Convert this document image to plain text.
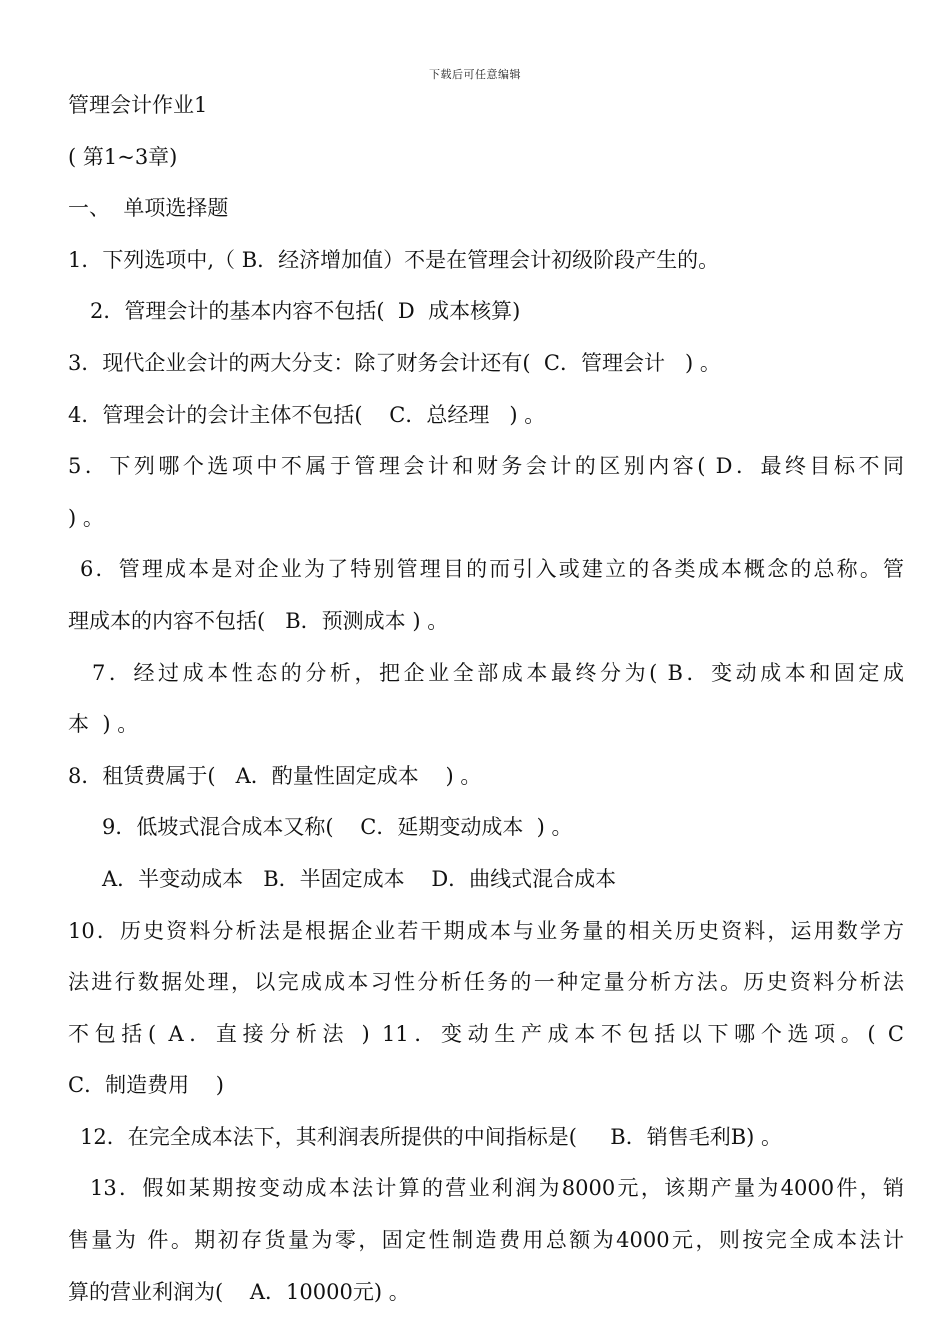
下载后可任意编辑
管理会计作业1
( 第1~3章)
一、  单项选择题
1．下列选项中,（ B．经济增加值）不是在管理会计初级阶段产生的。
2．管理会计的基本内容不包括(  D  成本核算)
3．现代企业会计的两大分支：除了财务会计还有(  C．管理会计   ) 。
4．管理会计的会计主体不包括(    C．总经理   ) 。
5．下列哪个选项中不属于管理会计和财务会计的区别内容( D．最终目标不同
) 。
6．管理成本是对企业为了特别管理目的而引入或建立的各类成本概念的总称。管
理成本的内容不包括(   B．预测成本 ) 。
7．经过成本性态的分析，把企业全部成本最终分为( B．变动成本和固定成
本  ) 。
8．租赁费属于(   A．酌量性固定成本    ) 。
9．低坡式混合成本又称(    C．延期变动成本  ) 。
A．半变动成本   B．半固定成本    D．曲线式混合成本
10．历史资料分析法是根据企业若干期成本与业务量的相关历史资料，运用数学方
法进行数据处理，以完成成本习性分析任务的一种定量分析方法。历史资料分析法
不包括( A．直接分析法 ) 11．变动生产成本不包括以下哪个选项。( C
C．制造费用    )
12．在完全成本法下，其利润表所提供的中间指标是(     B．销售毛利B) 。
13．假如某期按变动成本法计算的营业利润为8000元，该期产量为4000件，销
售量为 件。期初存货量为零，固定性制造费用总额为4000元，则按完全成本法计
算的营业利润为(    A．10000元) 。
